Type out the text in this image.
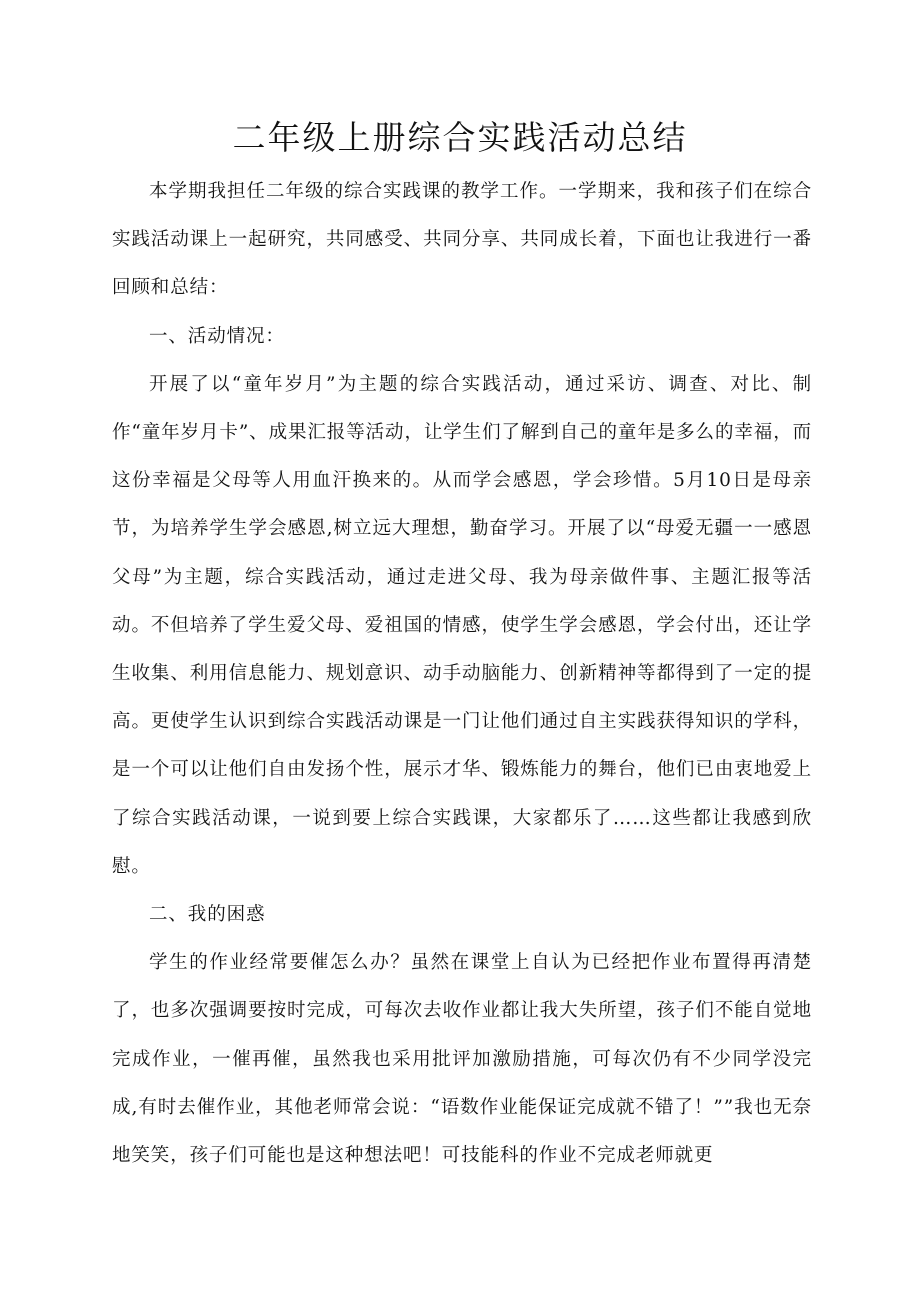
二年级上册综合实践活动总结

本学期我担任二年级的综合实践课的教学工作。一学期来，我和孩子们在综合实践活动课上一起研究，共同感受、共同分享、共同成长着，下面也让我进行一番回顾和总结：

一、活动情况：

开展了以“童年岁月”为主题的综合实践活动，通过采访、调查、对比、制作“童年岁月卡”、成果汇报等活动，让学生们了解到自己的童年是多么的幸福，而这份幸福是父母等人用血汗换来的。从而学会感恩，学会珍惜。5月10日是母亲节，为培养学生学会感恩,树立远大理想，勤奋学习。开展了以“母爱无疆一一感恩父母”为主题，综合实践活动，通过走进父母、我为母亲做件事、主题汇报等活动。不但培养了学生爱父母、爱祖国的情感，使学生学会感恩，学会付出，还让学生收集、利用信息能力、规划意识、动手动脑能力、创新精神等都得到了一定的提高。更使学生认识到综合实践活动课是一门让他们通过自主实践获得知识的学科，是一个可以让他们自由发扬个性，展示才华、锻炼能力的舞台，他们已由衷地爱上了综合实践活动课，一说到要上综合实践课，大家都乐了……这些都让我感到欣慰。

二、我的困惑

学生的作业经常要催怎么办？虽然在课堂上自认为已经把作业布置得再清楚了，也多次强调要按时完成，可每次去收作业都让我大失所望，孩子们不能自觉地完成作业，一催再催，虽然我也采用批评加激励措施，可每次仍有不少同学没完成,有时去催作业，其他老师常会说：“语数作业能保证完成就不错了！””我也无奈地笑笑，孩子们可能也是这种想法吧！可技能科的作业不完成老师就更
